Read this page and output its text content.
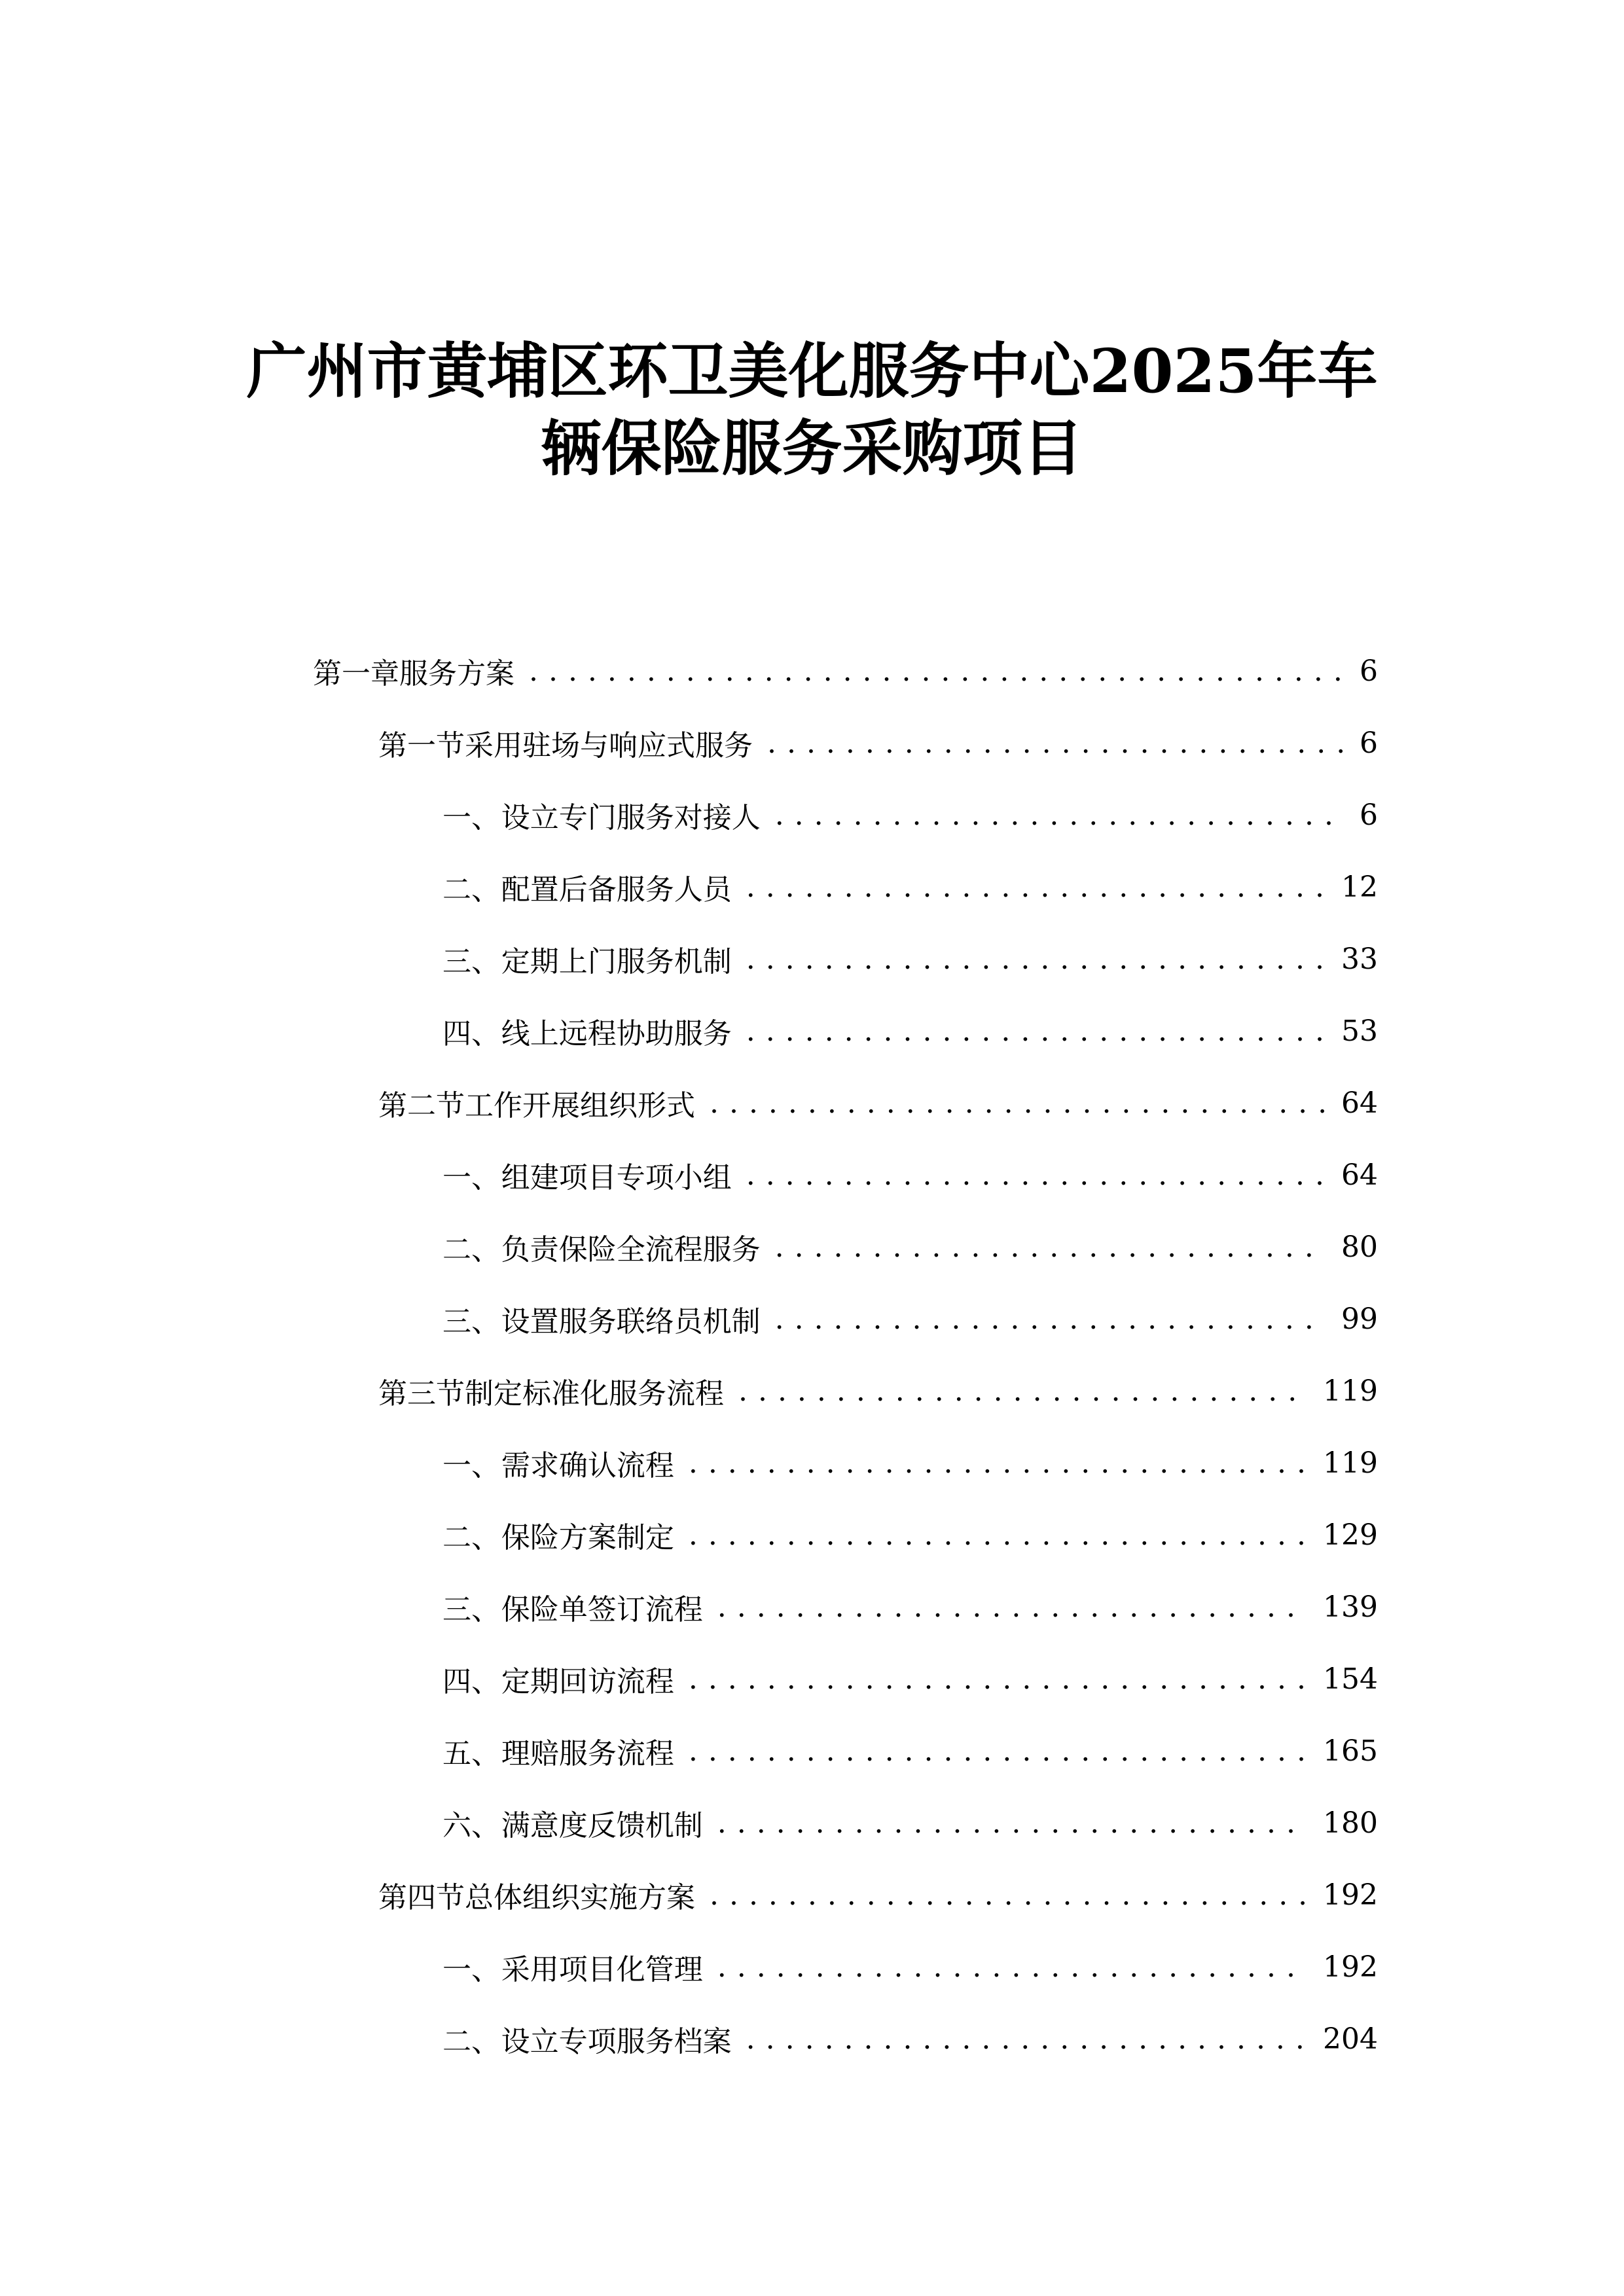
广州市黄埔区环卫美化服务中心2025年车
辆保险服务采购项目
第一章 服务方案 . . .	6
第一节 采用驻场与响应式服务 . . .	6
一、 设立专门服务对接人 . . .	6
二、 配置后备服务人员 . . .	12
三、 定期上门服务机制 . . .	33
四、 线上远程协助服务 . . .	53
第二节 工作开展组织形式 . . .	64
一、 组建项目专项小组 . . .	64
二、 负责保险全流程服务 . . .	80
三、 设置服务联络员机制 . . .	99
第三节 制定标准化服务流程 . . .	119
一、 需求确认流程 . . .	119
二、 保险方案制定 . . .	129
三、 保险单签订流程 . . .	139
四、 定期回访流程 . . .	154
五、 理赔服务流程 . . .	165
六、 满意度反馈机制 . . .	180
第四节 总体组织实施方案 . . .	192
一、 采用项目化管理 . . .	192
二、 设立专项服务档案 . . .	204
